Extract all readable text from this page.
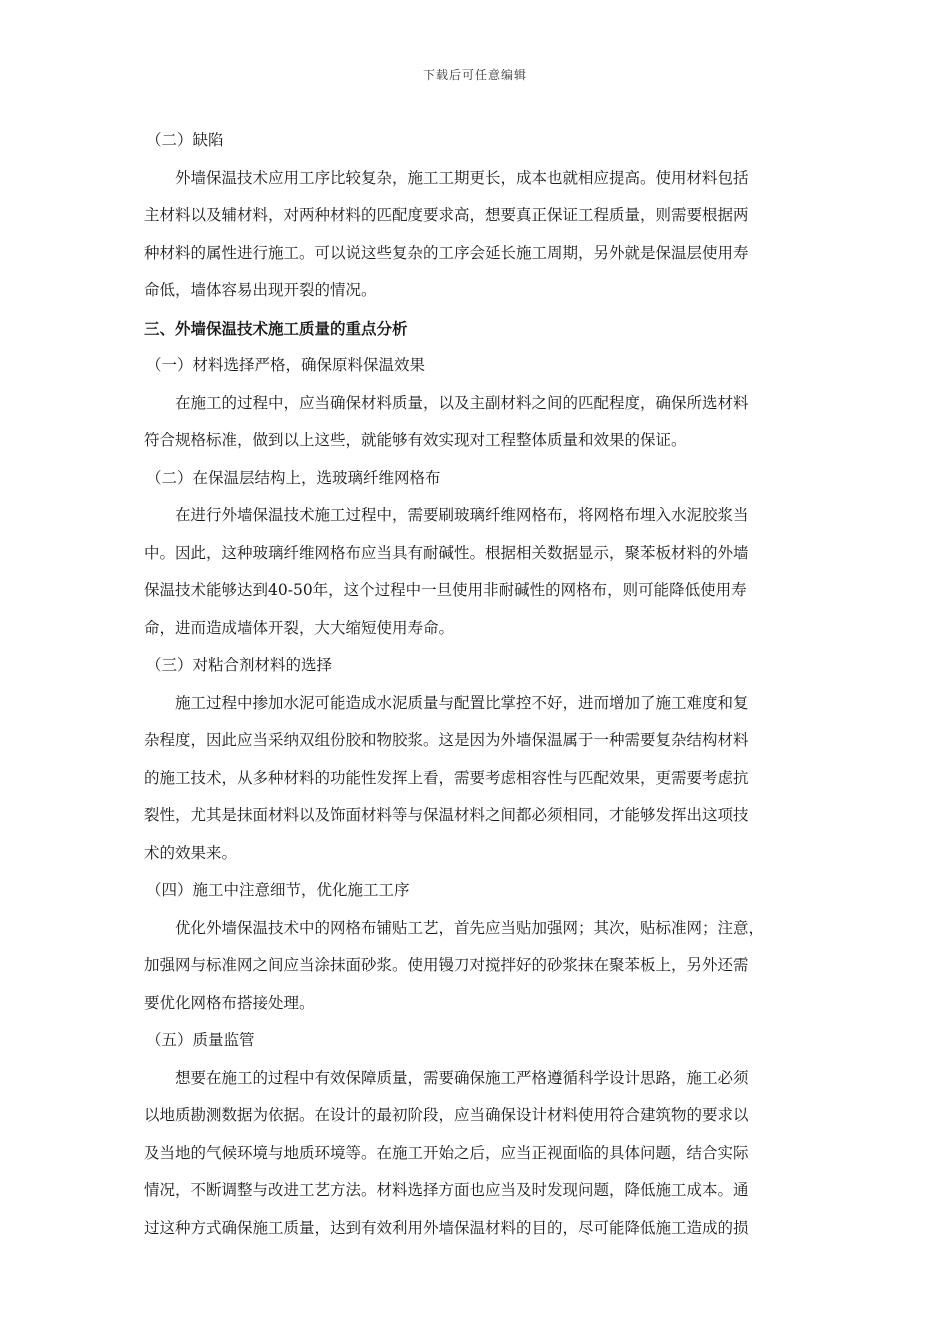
下载后可任意编辑
（二）缺陷
外墙保温技术应用工序比较复杂，施工工期更长，成本也就相应提高。使用材料包括
主材料以及辅材料，对两种材料的匹配度要求高，想要真正保证工程质量，则需要根据两
种材料的属性进行施工。可以说这些复杂的工序会延长施工周期，另外就是保温层使用寿
命低，墙体容易出现开裂的情况。
三、外墙保温技术施工质量的重点分析
（一）材料选择严格，确保原料保温效果
在施工的过程中，应当确保材料质量，以及主副材料之间的匹配程度，确保所选材料
符合规格标准，做到以上这些，就能够有效实现对工程整体质量和效果的保证。
（二）在保温层结构上，选玻璃纤维网格布
在进行外墙保温技术施工过程中，需要刷玻璃纤维网格布，将网格布埋入水泥胶浆当
中。因此，这种玻璃纤维网格布应当具有耐碱性。根据相关数据显示，聚苯板材料的外墙
保温技术能够达到40-50年，这个过程中一旦使用非耐碱性的网格布，则可能降低使用寿
命，进而造成墙体开裂，大大缩短使用寿命。
（三）对粘合剂材料的选择
施工过程中掺加水泥可能造成水泥质量与配置比掌控不好，进而增加了施工难度和复
杂程度，因此应当采纳双组份胶和物胶浆。这是因为外墙保温属于一种需要复杂结构材料
的施工技术，从多种材料的功能性发挥上看，需要考虑相容性与匹配效果，更需要考虑抗
裂性，尤其是抹面材料以及饰面材料等与保温材料之间都必须相同，才能够发挥出这项技
术的效果来。
（四）施工中注意细节，优化施工工序
优化外墙保温技术中的网格布铺贴工艺，首先应当贴加强网；其次，贴标准网；注意，
加强网与标准网之间应当涂抹面砂浆。使用镘刀对搅拌好的砂浆抹在聚苯板上，另外还需
要优化网格布搭接处理。
（五）质量监管
想要在施工的过程中有效保障质量，需要确保施工严格遵循科学设计思路，施工必须
以地质勘测数据为依据。在设计的最初阶段，应当确保设计材料使用符合建筑物的要求以
及当地的气候环境与地质环境等。在施工开始之后，应当正视面临的具体问题，结合实际
情况，不断调整与改进工艺方法。材料选择方面也应当及时发现问题，降低施工成本。通
过这种方式确保施工质量，达到有效利用外墙保温材料的目的，尽可能降低施工造成的损
